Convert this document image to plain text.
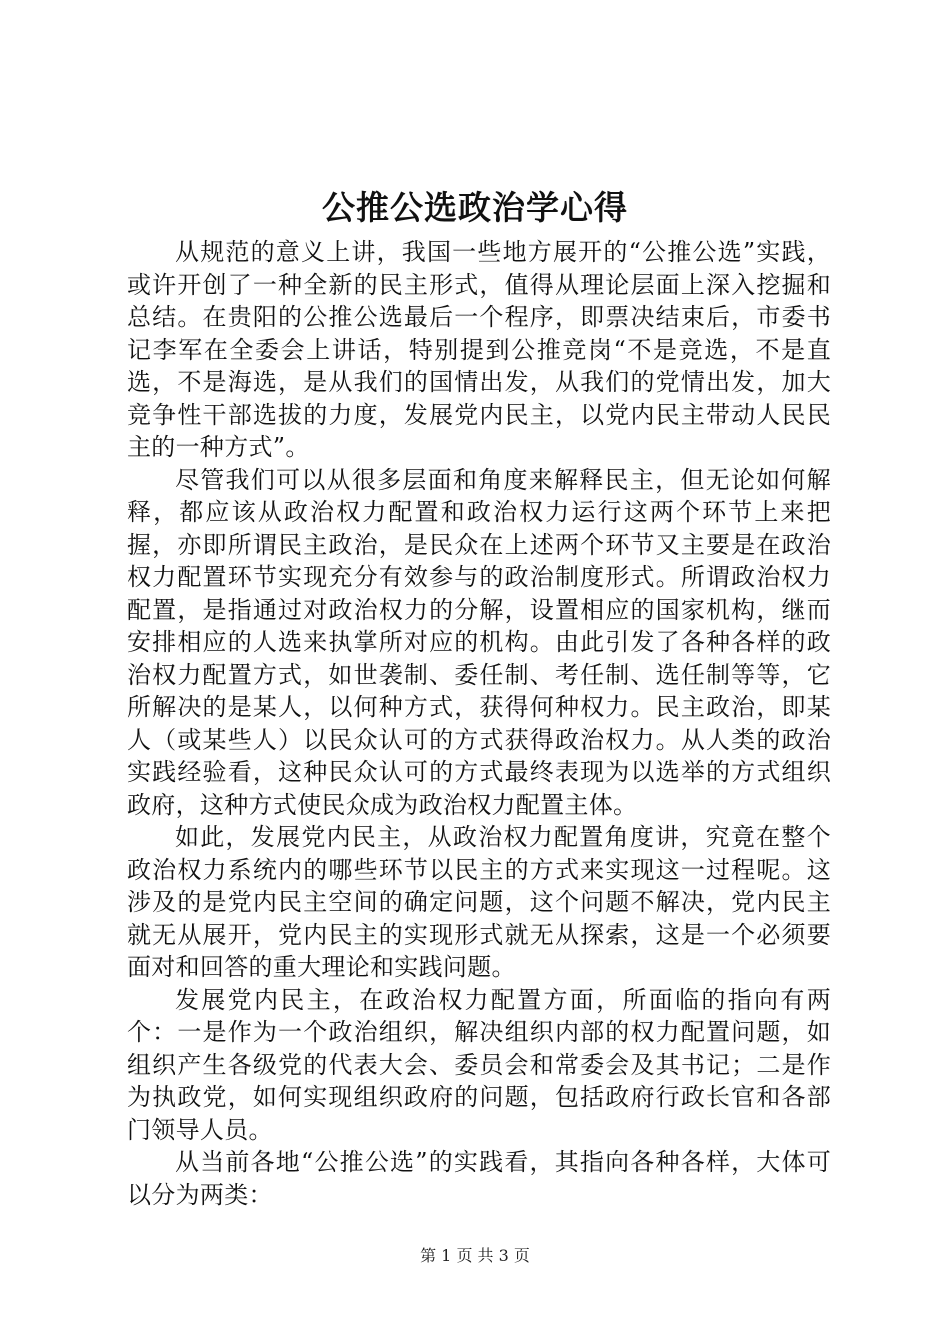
公推公选政治学心得

从规范的意义上讲，我国一些地方展开的“公推公选”实践，或许开创了一种全新的民主形式，值得从理论层面上深入挖掘和总结。在贵阳的公推公选最后一个程序，即票决结束后，市委书记李军在全委会上讲话，特别提到公推竞岗“不是竞选，不是直选，不是海选，是从我们的国情出发，从我们的党情出发，加大竞争性干部选拔的力度，发展党内民主，以党内民主带动人民民主的一种方式”。

尽管我们可以从很多层面和角度来解释民主，但无论如何解释，都应该从政治权力配置和政治权力运行这两个环节上来把握，亦即所谓民主政治，是民众在上述两个环节又主要是在政治权力配置环节实现充分有效参与的政治制度形式。所谓政治权力配置，是指通过对政治权力的分解，设置相应的国家机构，继而安排相应的人选来执掌所对应的机构。由此引发了各种各样的政治权力配置方式，如世袭制、委任制、考任制、选任制等等，它所解决的是某人，以何种方式，获得何种权力。民主政治，即某人（或某些人）以民众认可的方式获得政治权力。从人类的政治实践经验看，这种民众认可的方式最终表现为以选举的方式组织政府，这种方式使民众成为政治权力配置主体。

如此，发展党内民主，从政治权力配置角度讲，究竟在整个政治权力系统内的哪些环节以民主的方式来实现这一过程呢。这涉及的是党内民主空间的确定问题，这个问题不解决，党内民主就无从展开，党内民主的实现形式就无从探索，这是一个必须要面对和回答的重大理论和实践问题。

发展党内民主，在政治权力配置方面，所面临的指向有两个：一是作为一个政治组织，解决组织内部的权力配置问题，如组织产生各级党的代表大会、委员会和常委会及其书记；二是作为执政党，如何实现组织政府的问题，包括政府行政长官和各部门领导人员。

从当前各地“公推公选”的实践看，其指向各种各样，大体可以分为两类：

第 1 页 共 3 页
